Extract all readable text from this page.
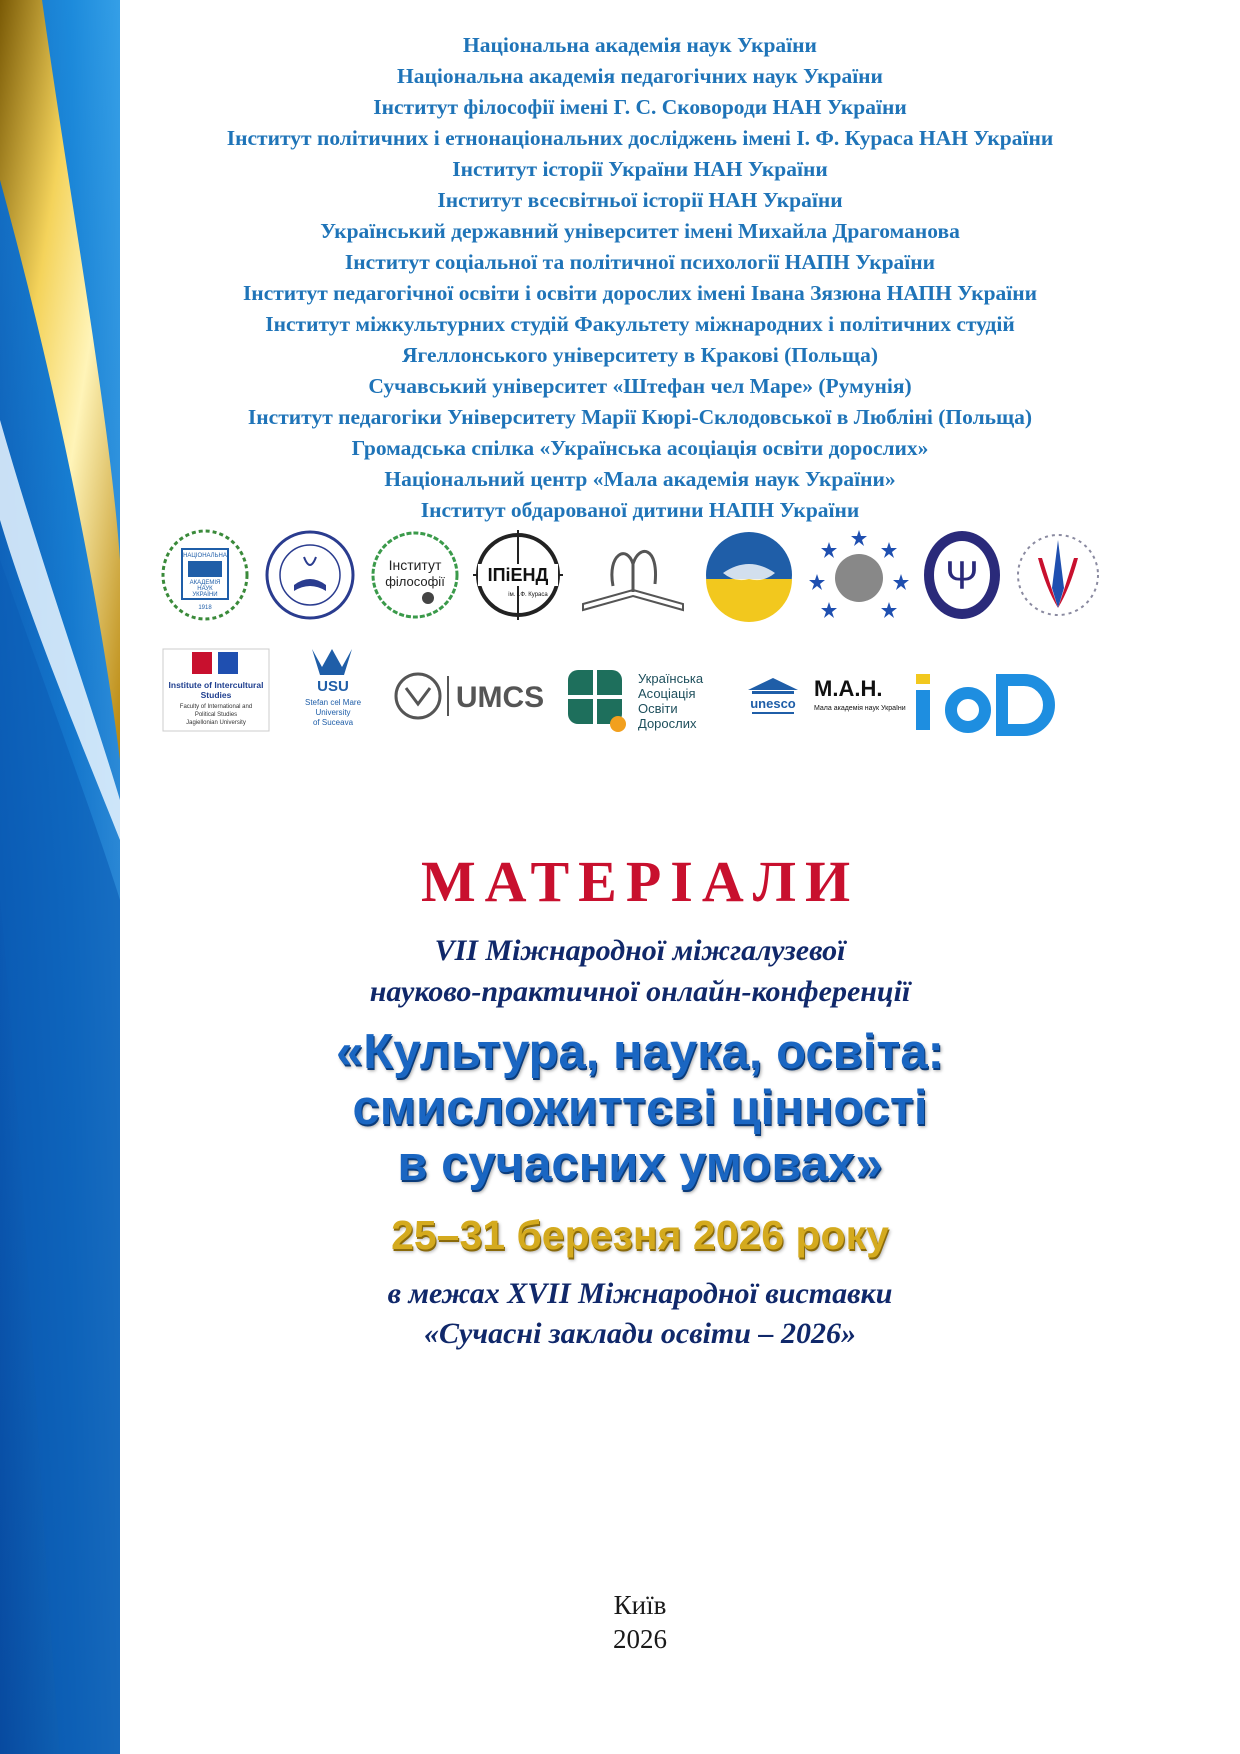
Національна академія наук України
Національна академія педагогічних наук України
Інститут філософії імені Г. С. Сковороди НАН України
Інститут політичних і етнонаціональних досліджень імені І. Ф. Кураса НАН України
Інститут історії України НАН України
Інститут всесвітньої історії НАН України
Український державний університет імені Михайла Драгоманова
Інститут соціальної та політичної психології НАПН України
Інститут педагогічної освіти і освіти дорослих імені Івана Зязюна НАПН України
Інститут міжкультурних студій Факультету міжнародних і політичних студій
Ягеллонського університету в Кракові (Польща)
Сучавський університет «Штефан чел Маре» (Румунія)
Інститут педагогіки Університету Марії Кюрі-Склодовської в Любліні (Польща)
Громадська спілка «Українська асоціація освіти дорослих»
Національний центр «Мала академія наук України»
Інститут обдарованої дитини НАПН України
НАЦІОНАЛЬНА
АКАДЕМІЯ
НАУК
УКРАЇНИ
1918
Інститут
філософії ІПіЕНД
ім. І.Ф. Кураса	Ψ
Institute of Intercultural
Studies
Faculty of International and
Political Studies
Jagiellonian University
USU
Stefan cel Mare
University
of Suceava
UMCS
Українська
Асоціація
Освіти
Дорослих
unesco
М.А.Н.
Мала академія наук України
МАТЕРІАЛИ
VII Міжнародної міжгалузевої
науково-практичної онлайн-конференції
«Культура, наука, освіта:
смисложиттєві цінності
в сучасних умовах»
25–31 березня 2026 року
в межах XVII Міжнародної виставки
«Сучасні заклади освіти – 2026»
Київ
2026
